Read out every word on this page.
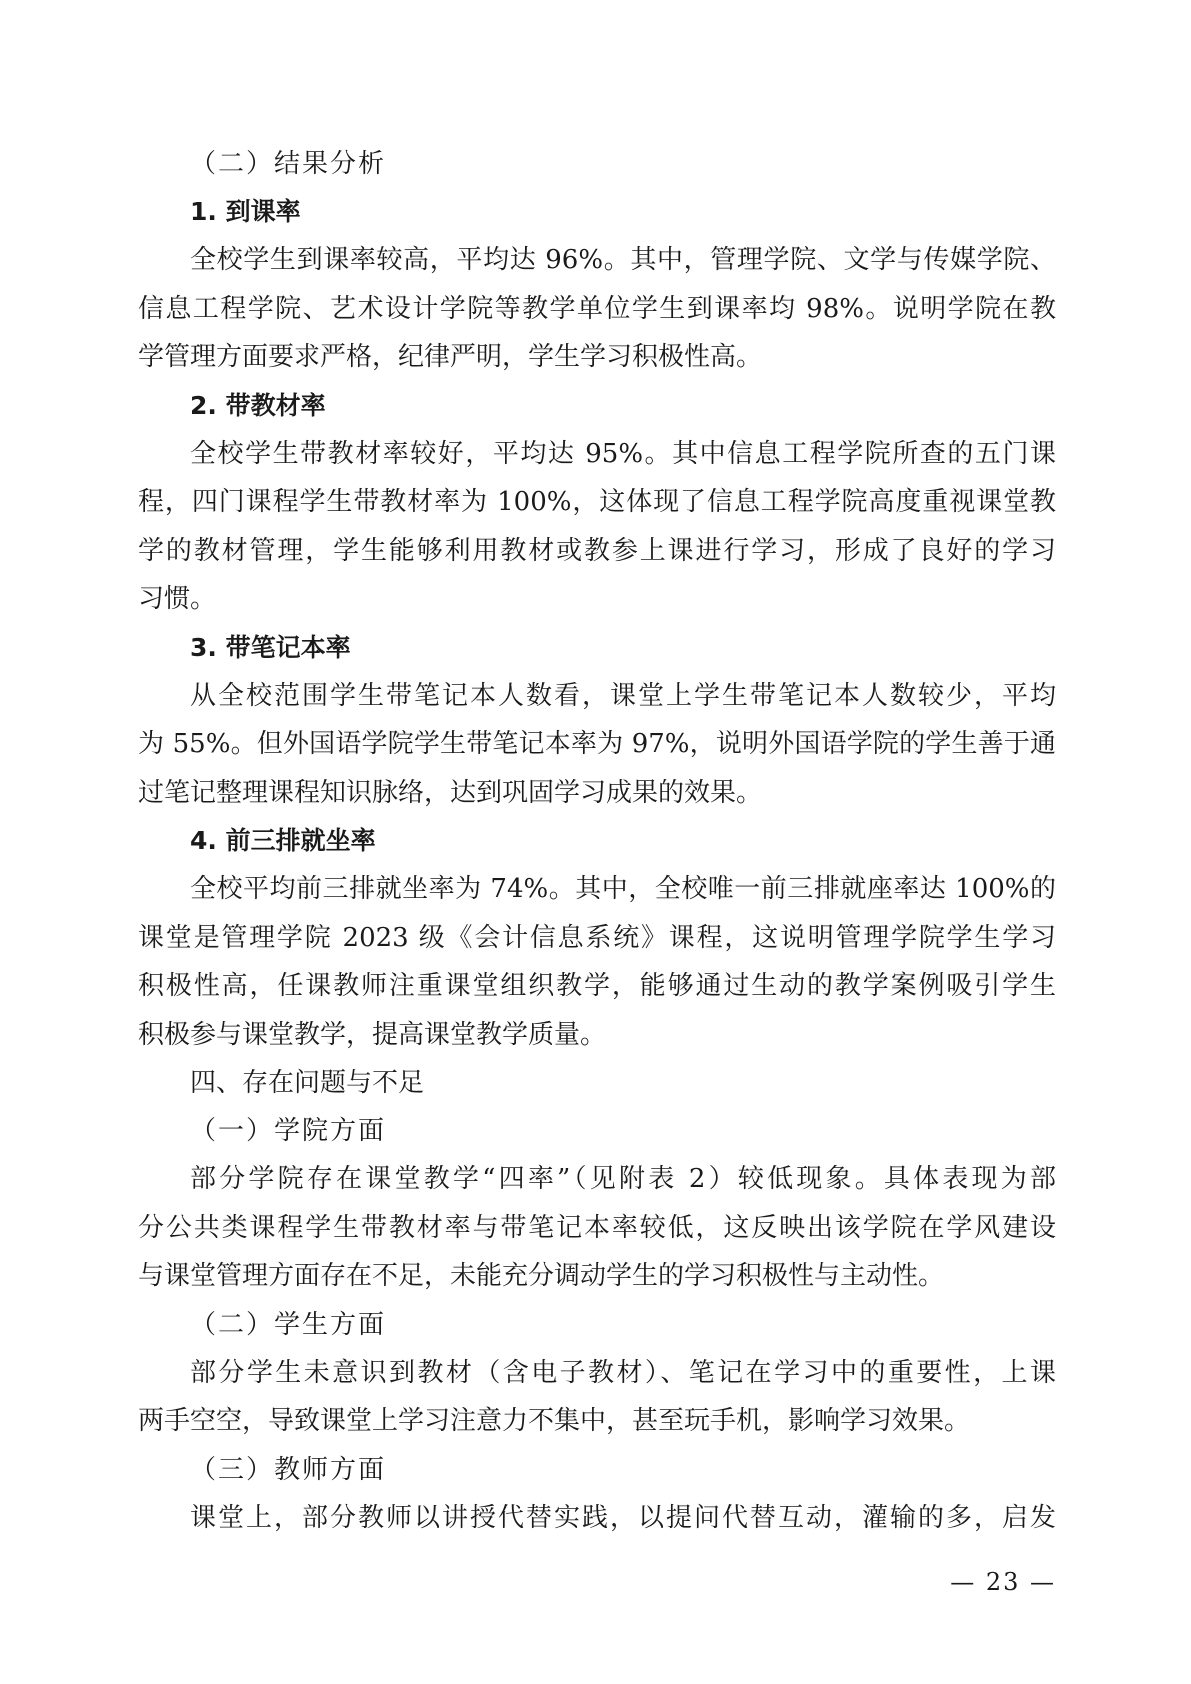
（二）结果分析
1. 到课率
全校学生到课率较高，平均达 96%。其中，管理学院、文学与传媒学院、
信息工程学院、艺术设计学院等教学单位学生到课率均 98%。说明学院在教
学管理方面要求严格，纪律严明，学生学习积极性高。
2. 带教材率
全校学生带教材率较好，平均达 95%。其中信息工程学院所查的五门课
程，四门课程学生带教材率为 100%，这体现了信息工程学院高度重视课堂教
学的教材管理，学生能够利用教材或教参上课进行学习，形成了良好的学习
习惯。
3. 带笔记本率
从全校范围学生带笔记本人数看，课堂上学生带笔记本人数较少，平均
为 55%。但外国语学院学生带笔记本率为 97%，说明外国语学院的学生善于通
过笔记整理课程知识脉络，达到巩固学习成果的效果。
4. 前三排就坐率
全校平均前三排就坐率为 74%。其中，全校唯一前三排就座率达 100%的
课堂是管理学院 2023 级《会计信息系统》课程，这说明管理学院学生学习
积极性高，任课教师注重课堂组织教学，能够通过生动的教学案例吸引学生
积极参与课堂教学，提高课堂教学质量。
四、存在问题与不足
（一）学院方面
部分学院存在课堂教学“四率”（见附表 2）较低现象。具体表现为部
分公共类课程学生带教材率与带笔记本率较低，这反映出该学院在学风建设
与课堂管理方面存在不足，未能充分调动学生的学习积极性与主动性。
（二）学生方面
部分学生未意识到教材（含电子教材）、笔记在学习中的重要性，上课
两手空空，导致课堂上学习注意力不集中，甚至玩手机，影响学习效果。
（三）教师方面
课堂上，部分教师以讲授代替实践，以提问代替互动，灌输的多，启发
— 23 —
